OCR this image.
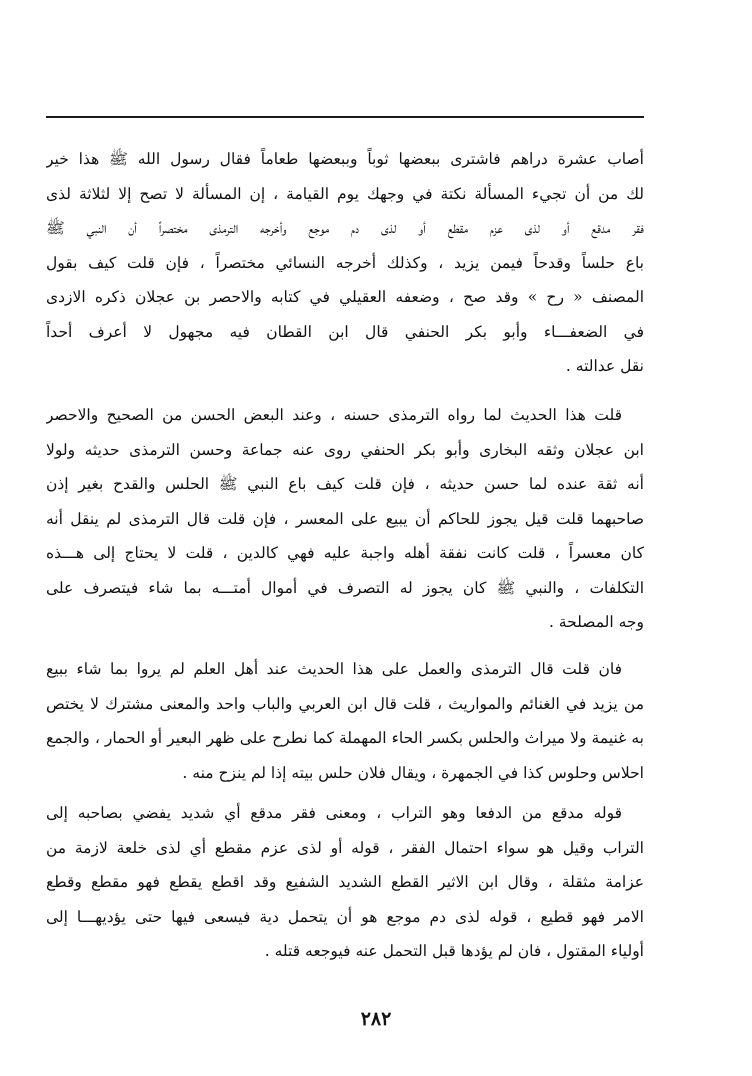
أصاب عشرة دراهم فاشترى ببعضها ثوباً وببعضها طعاماً فقال رسول الله ﷺ هذا خير
لك من أن تجيء المسألة نكتة في وجهك يوم القيامة ، إن المسألة لا تصح إلا لثلاثة لذى
فقر مدقع أو لذى عزم مقطع أو لذى دم موجع وأخرجه الترمذى مختصراً أن النبي ﷺ
باع حلساً وقدحاً فيمن يزيد ، وكذلك أخرجه النسائي مختصراً ، فإن قلت كيف بقول
المصنف « رح » وقد صح ، وضعفه العقيلي في كتابه والاحصر بن عجلان ذكره الازدى
في الضعفـــاء وأبو بكر الحنفي قال ابن القطان فيه مجهول لا أعرف أحداً
نقل عدالته .
قلت هذا الحديث لما رواه الترمذى حسنه ، وعند البعض الحسن من الصحيح والاحصر
ابن عجلان وثقه البخارى وأبو بكر الحنفي روى عنه جماعة وحسن الترمذى حديثه ولولا
أنه ثقة عنده لما حسن حديثه ، فإن قلت كيف باع النبي ﷺ الحلس والقدح بغير إذن
صاحبهما قلت قيل يجوز للحاكم أن يبيع على المعسر ، فإن قلت قال الترمذى لم ينقل أنه
كان معسراً ، قلت كانت نفقة أهله واجبة عليه فهي كالدين ، قلت لا يحتاج إلى هـــذه
التكلفات ، والنبي ﷺ كان يجوز له التصرف في أموال أمتـــه بما شاء فيتصرف على
وجه المصلحة .
فان قلت قال الترمذى والعمل على هذا الحديث عند أهل العلم لم يروا بما شاء ببيع
من يزيد في الغنائم والمواريث ، قلت قال ابن العربي والباب واحد والمعنى مشترك لا يختص
به غنيمة ولا ميراث والحلس بكسر الحاء المهملة كما نطرح على ظهر البعير أو الحمار ، والجمع
احلاس وحلوس كذا في الجمهرة ، ويقال فلان حلس بيته إذا لم ينزح منه .
قوله مدقع من الدفعا وهو التراب ، ومعنى فقر مدقع أي شديد يفضي بصاحبه إلى
التراب وقيل هو سواء احتمال الفقر ، قوله أو لذى عزم مقطع أي لذى خلعة لازمة من
عزامة مثقلة ، وقال ابن الاثير القطع الشديد الشفيع وقد اقطع يقطع فهو مقطع وقطع
الامر فهو قطيع ، قوله لذى دم موجع هو أن يتحمل دية فيسعى فيها حتى يؤديهـــا إلى
أولياء المقتول ، فان لم يؤدها قبل التحمل عنه فيوجعه قتله .
٢٨٢
